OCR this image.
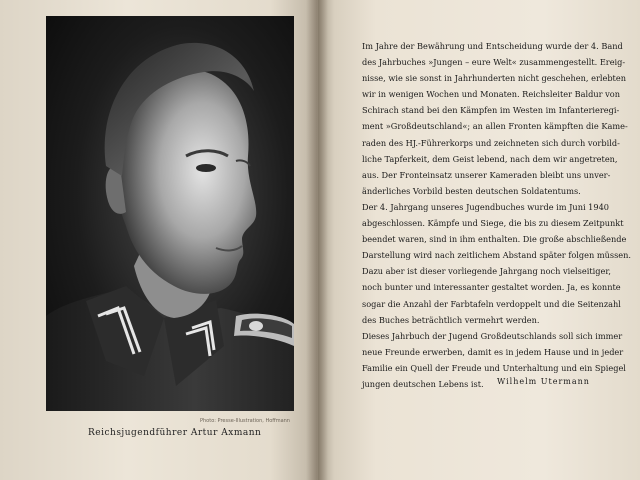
Photo: Presse-Illustration, Hoffmann
Reichsjugendführer Artur Axmann
Im Jahre der Bewährung und Entscheidung wurde der 4. Band
des Jahrbuches »Jungen – eure Welt« zusammengestellt. Ereig-
nisse, wie sie sonst in Jahrhunderten nicht geschehen, erlebten
wir in wenigen Wochen und Monaten. Reichsleiter Baldur von
Schirach stand bei den Kämpfen im Westen im Infanterieregi-
ment »Großdeutschland«; an allen Fronten kämpften die Kame-
raden des HJ.-Führerkorps und zeichneten sich durch vorbild-
liche Tapferkeit, dem Geist lebend, nach dem wir angetreten,
aus. Der Fronteinsatz unserer Kameraden bleibt uns unver-
änderliches Vorbild besten deutschen Soldatentums.
Der 4. Jahrgang unseres Jugendbuches wurde im Juni 1940
abgeschlossen. Kämpfe und Siege, die bis zu diesem Zeitpunkt
beendet waren, sind in ihm enthalten. Die große abschließende
Darstellung wird nach zeitlichem Abstand später folgen müssen.
Dazu aber ist dieser vorliegende Jahrgang noch vielseitiger,
noch bunter und interessanter gestaltet worden. Ja, es konnte
sogar die Anzahl der Farbtafeln verdoppelt und die Seitenzahl
des Buches beträchtlich vermehrt werden.
Dieses Jahrbuch der Jugend Großdeutschlands soll sich immer
neue Freunde erwerben, damit es in jedem Hause und in jeder
Familie ein Quell der Freude und Unterhaltung und ein Spiegel
jungen deutschen Lebens ist.	Wilhelm Utermann
